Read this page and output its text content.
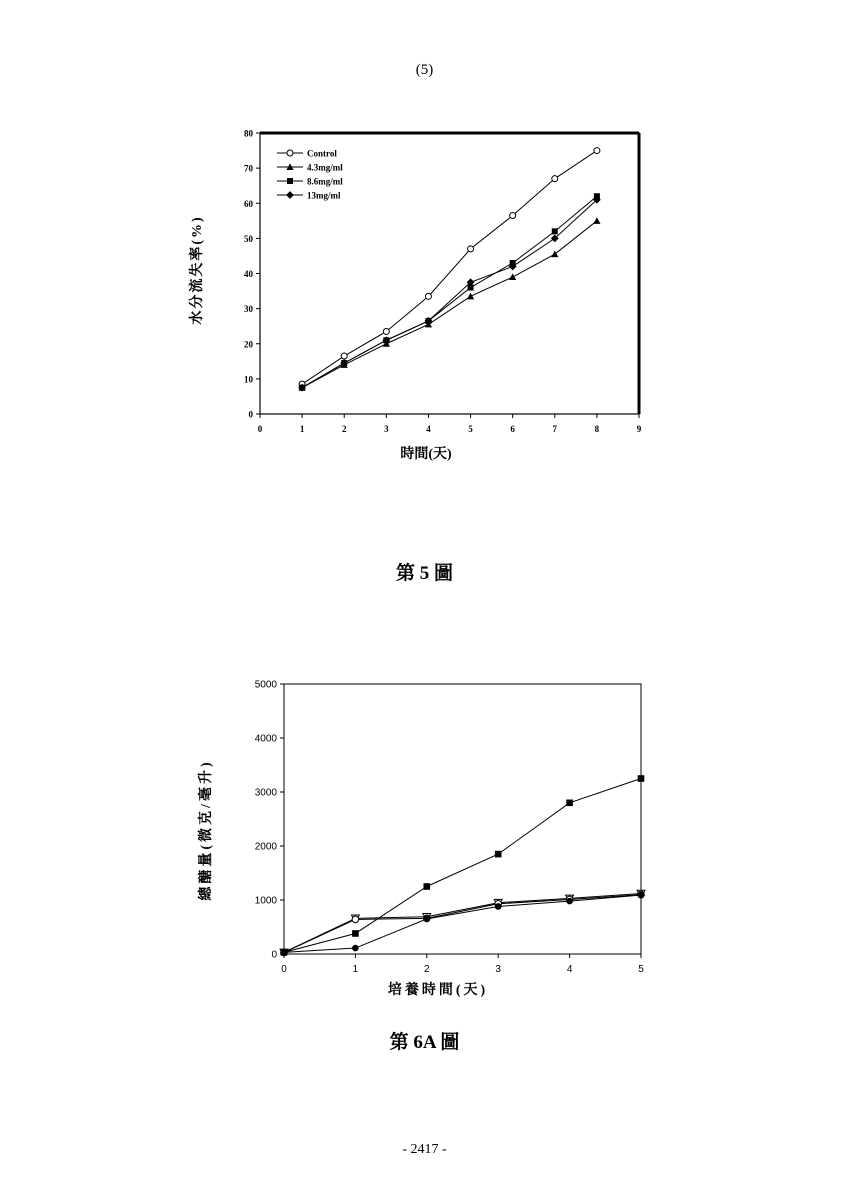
(5)
0
10
20
30
40
50
60
70
80
0	1	2	3	4	5	6	7	8	9
Control
4.3mg/ml
8.6mg/ml
13mg/ml
時間(天)
水分流失率(%)
第 5 圖
0
1000
2000
3000
4000
5000
0	1	2	3	4	5
培養時間(天)
總醣量(微克/毫升)
第 6A 圖
- 2417 -
